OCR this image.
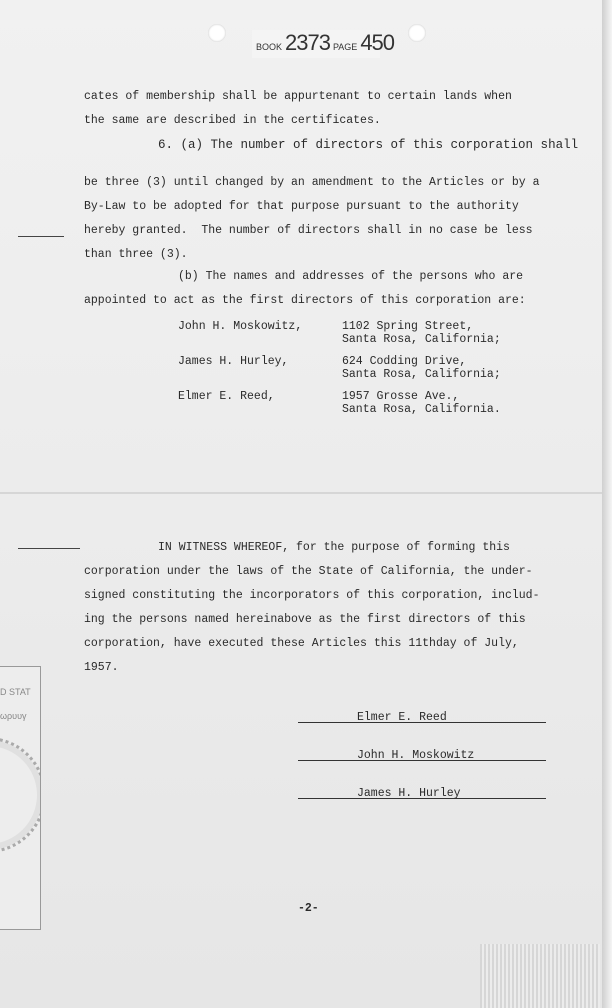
BOOK 2373 PAGE 450
cates of membership shall be appurtenant to certain lands when
the same are described in the certificates.
6. (a) The number of directors of this corporation shall
be three (3) until changed by an amendment to the Articles or by a
By-Law to be adopted for that purpose pursuant to the authority
hereby granted.  The number of directors shall in no case be less
than three (3).
(b) The names and addresses of the persons who are
appointed to act as the first directors of this corporation are:
John H. Moskowitz,	1102 Spring Street,
Santa Rosa, California;
James H. Hurley,	624 Codding Drive,
Santa Rosa, California;
Elmer E. Reed,	1957 Grosse Ave.,
Santa Rosa, California.
IN WITNESS WHEREOF, for the purpose of forming this
corporation under the laws of the State of California, the under-
signed constituting the incorporators of this corporation, includ-
ing the persons named hereinabove as the first directors of this
corporation, have executed these Articles this 11thday of July,
1957.
Elmer E. Reed
John H. Moskowitz
James H. Hurley
D STAT
ωρυυγ
-2-
